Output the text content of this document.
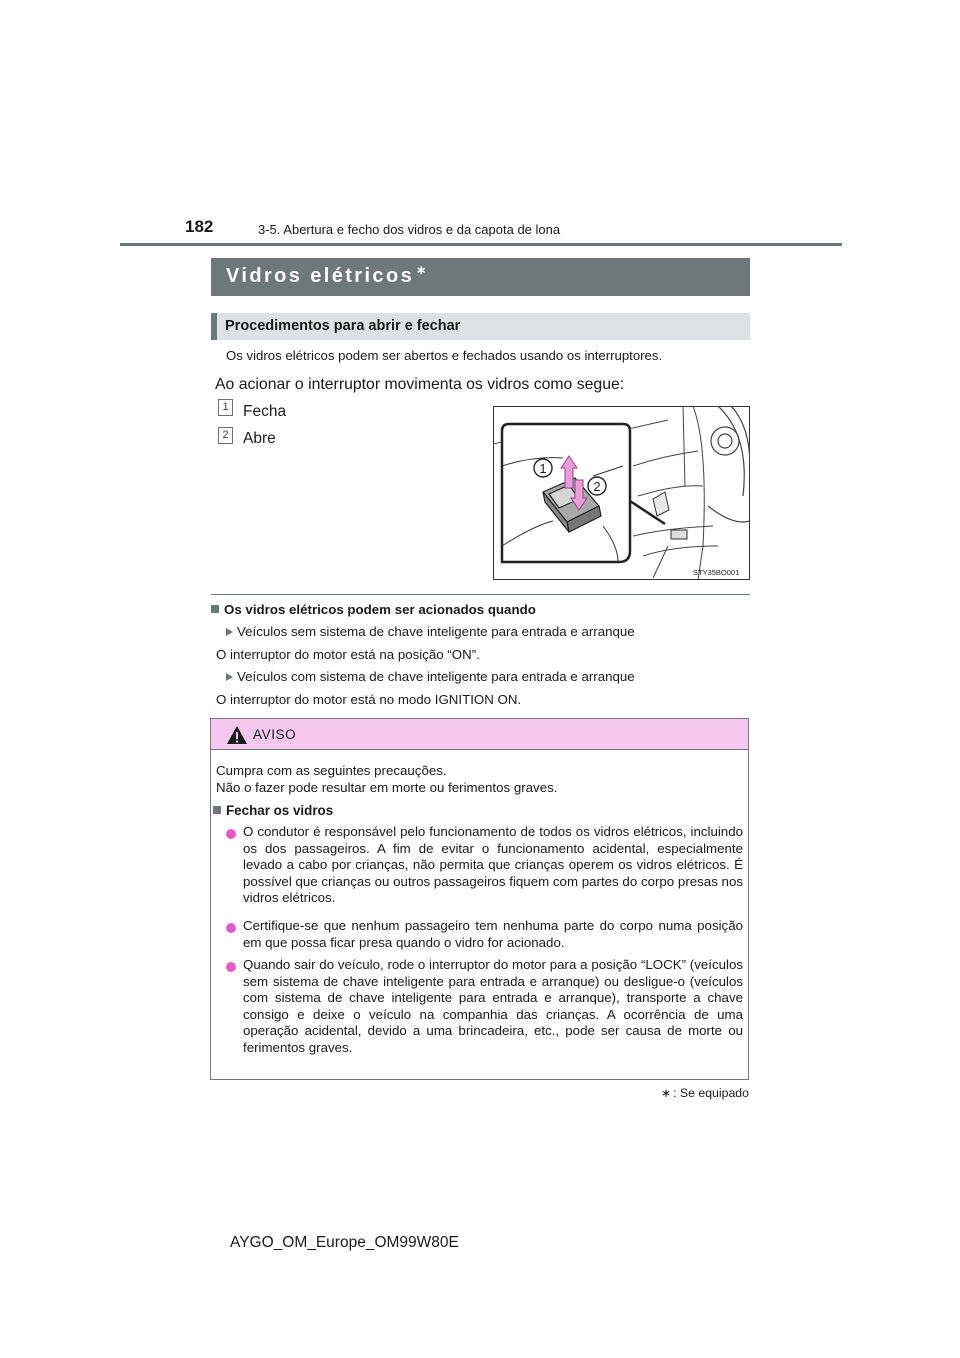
182	3-5. Abertura e fecho dos vidros e da capota de lona
Vidros elétricos ∗
Procedimentos para abrir e fechar
Os vidros elétricos podem ser abertos e fechados usando os interruptores.
Ao acionar o interruptor movimenta os vidros como segue:
1 Fecha
2 Abre
1
2
STY35BO001
Os vidros elétricos podem ser acionados quando
Veículos sem sistema de chave inteligente para entrada e arranque
O interruptor do motor está na posição “ON”.
Veículos com sistema de chave inteligente para entrada e arranque
O interruptor do motor está no modo IGNITION ON.
AVISO
Cumpra com as seguintes precauções.
Não o fazer pode resultar em morte ou ferimentos graves.
Fechar os vidros
O condutor é responsável pelo funcionamento de todos os vidros elétricos, incluindo os dos passageiros. A fim de evitar o funcionamento acidental, especialmente levado a cabo por crianças, não permita que crianças operem os vidros elétricos. É possível que crianças ou outros passageiros fiquem com partes do corpo presas nos vidros elétricos.
Certifique-se que nenhum passageiro tem nenhuma parte do corpo numa posição em que possa ficar presa quando o vidro for acionado.
Quando sair do veículo, rode o interruptor do motor para a posição “LOCK” (veículos sem sistema de chave inteligente para entrada e arranque) ou desligue-o (veículos com sistema de chave inteligente para entrada e arranque), transporte a chave consigo e deixe o veículo na companhia das crianças. A ocorrência de uma operação acidental, devido a uma brincadeira, etc., pode ser causa de morte ou ferimentos graves.
∗ : Se equipado
AYGO_OM_Europe_OM99W80E
